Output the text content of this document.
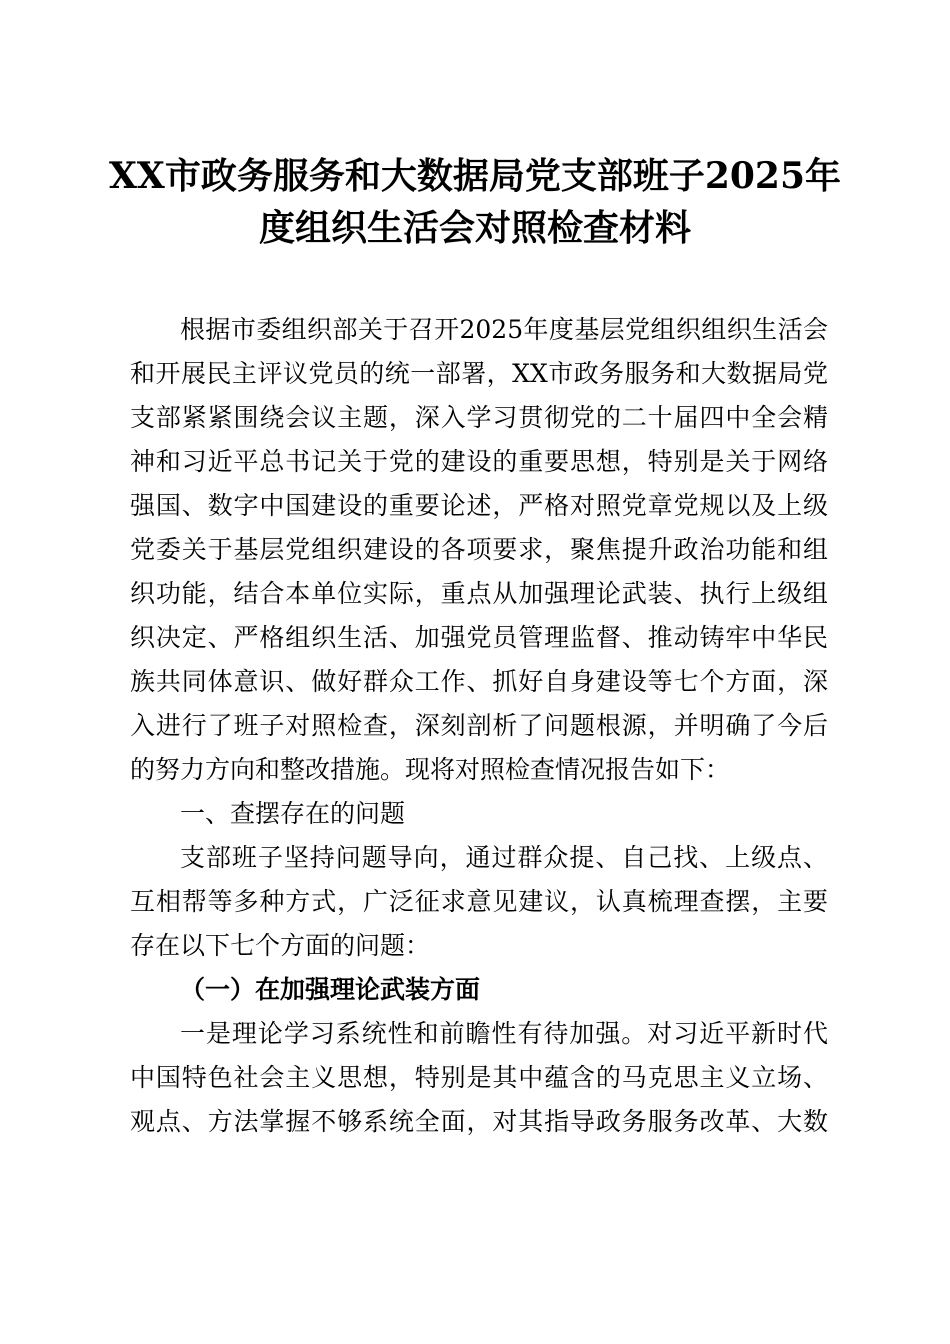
XX市政务服务和大数据局党支部班子2025年
度组织生活会对照检查材料
根据市委组织部关于召开2025年度基层党组织组织生活会
和开展民主评议党员的统一部署，XX市政务服务和大数据局党
支部紧紧围绕会议主题，深入学习贯彻党的二十届四中全会精
神和习近平总书记关于党的建设的重要思想，特别是关于网络
强国、数字中国建设的重要论述，严格对照党章党规以及上级
党委关于基层党组织建设的各项要求，聚焦提升政治功能和组
织功能，结合本单位实际，重点从加强理论武装、执行上级组
织决定、严格组织生活、加强党员管理监督、推动铸牢中华民
族共同体意识、做好群众工作、抓好自身建设等七个方面，深
入进行了班子对照检查，深刻剖析了问题根源，并明确了今后
的努力方向和整改措施。现将对照检查情况报告如下：
一、查摆存在的问题
支部班子坚持问题导向，通过群众提、自己找、上级点、
互相帮等多种方式，广泛征求意见建议，认真梳理查摆，主要
存在以下七个方面的问题：
（一）在加强理论武装方面
一是理论学习系统性和前瞻性有待加强。对习近平新时代
中国特色社会主义思想，特别是其中蕴含的马克思主义立场、
观点、方法掌握不够系统全面，对其指导政务服务改革、大数
